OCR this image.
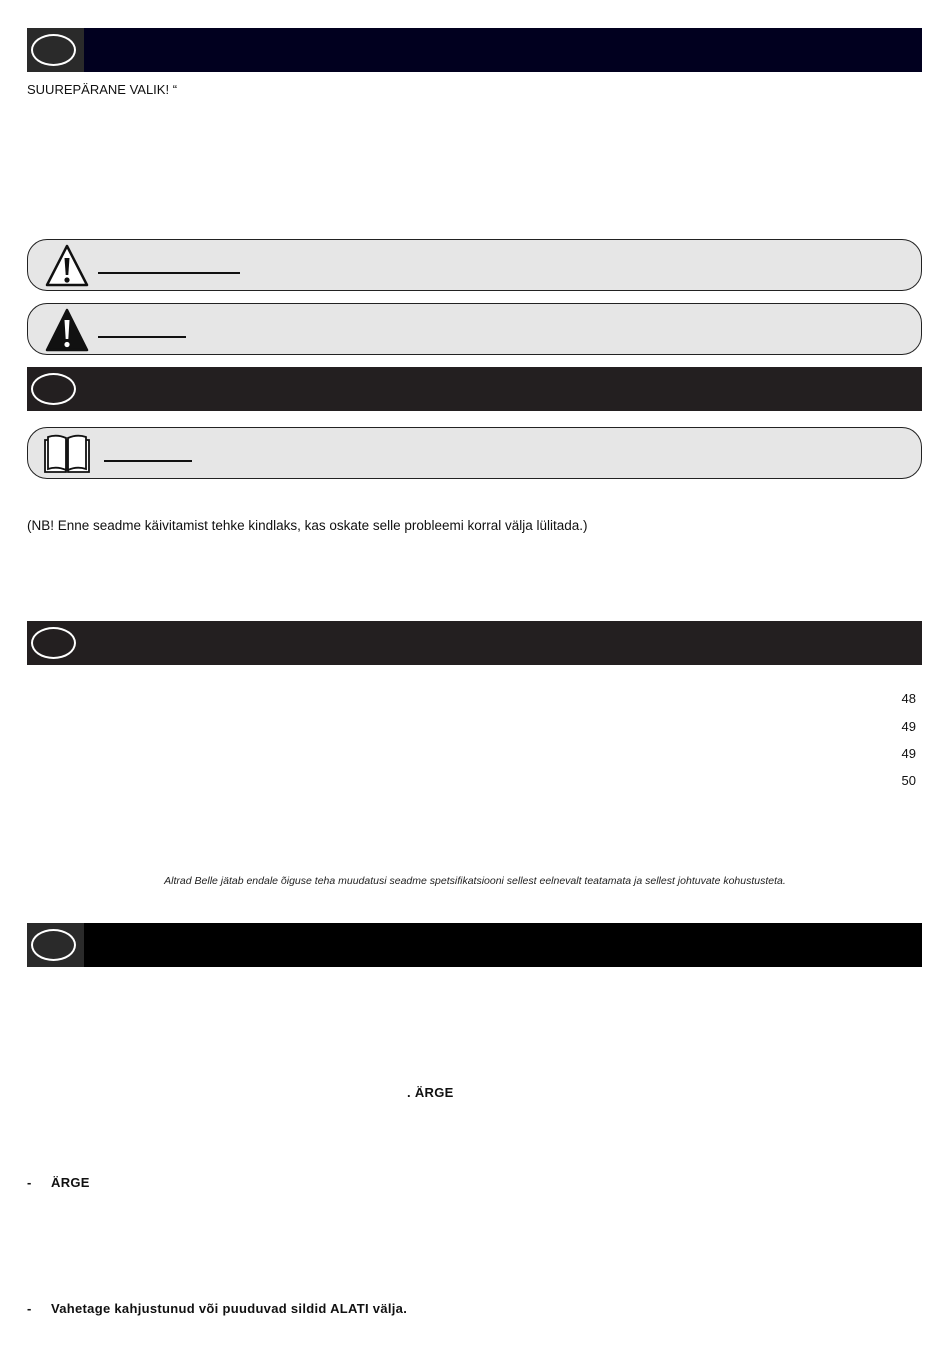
SUUREPÄRANE VALIK! “
(NB! Enne seadme käivitamist tehke kindlaks, kas oskate selle probleemi korral välja lülitada.)
48
49
49
50
Altrad Belle jätab endale õiguse teha muudatusi seadme spetsifikatsiooni sellest eelnevalt teatamata ja sellest johtuvate kohustusteta.
. ÄRGE
- ÄRGE
- Vahetage kahjustunud või puuduvad sildid ALATI välja.
